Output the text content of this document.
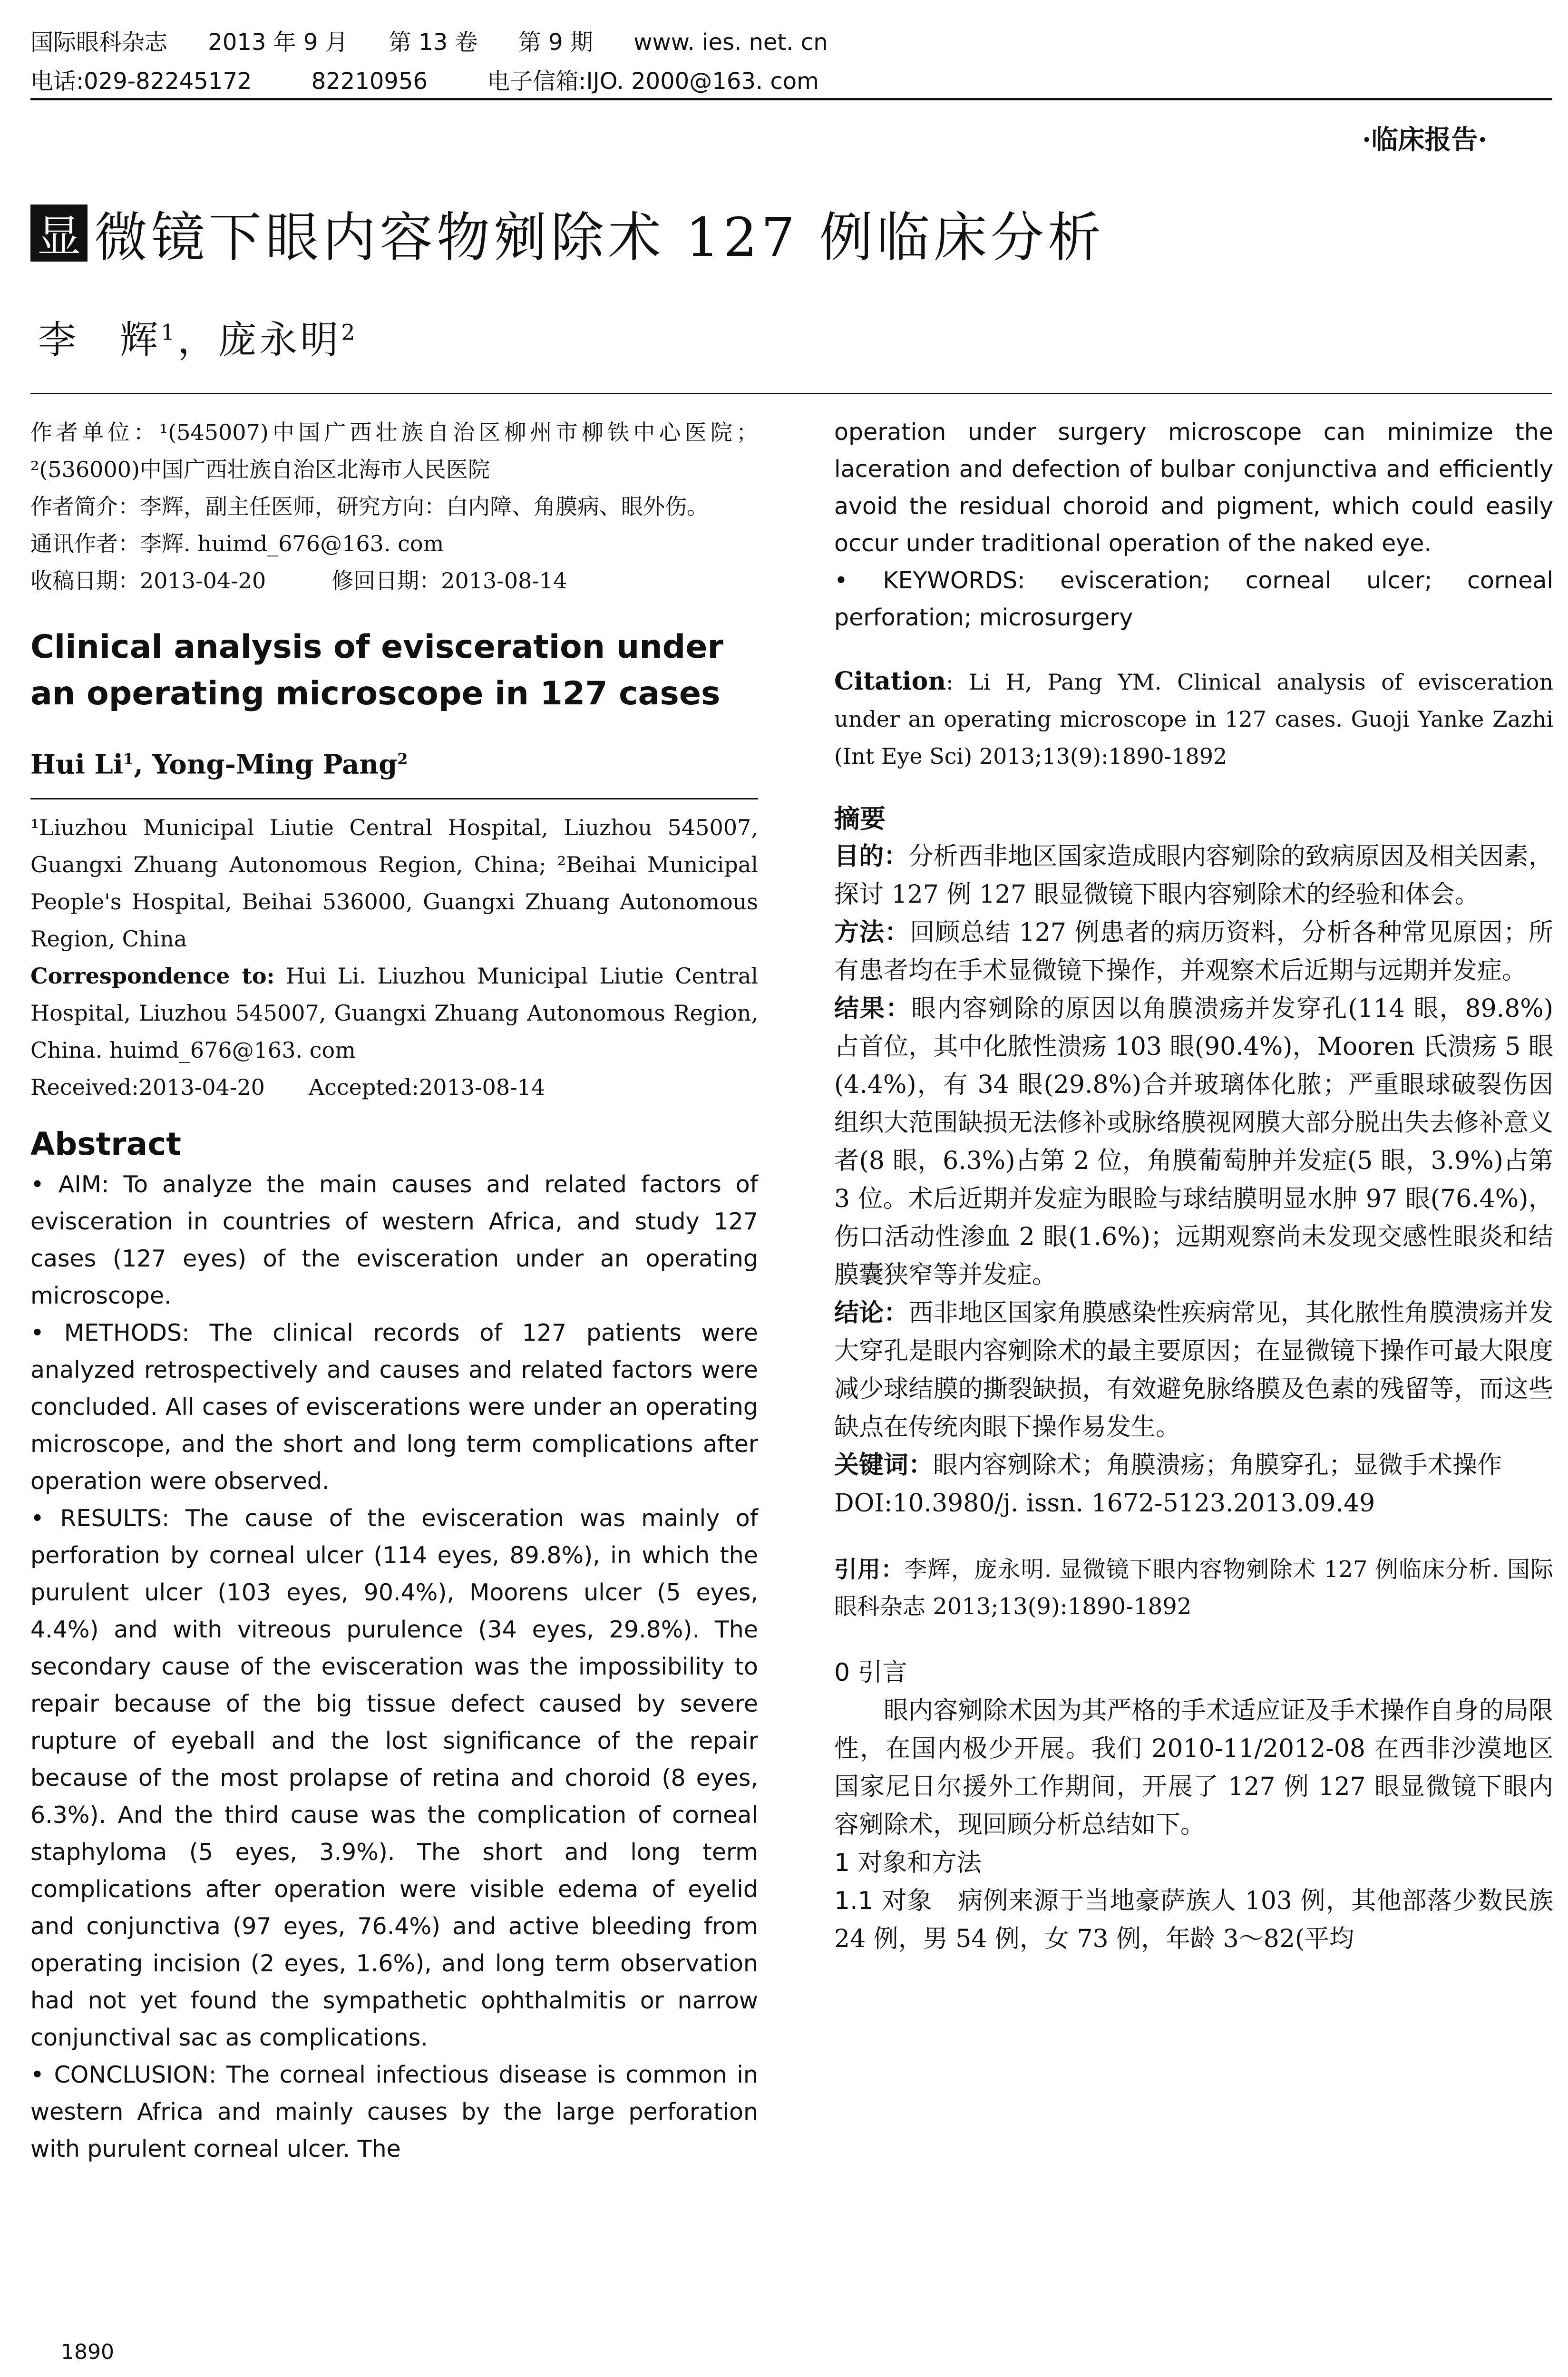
国际眼科杂志 2013 年 9 月 第 13 卷 第 9 期 www. ies. net. cn
电话:029-82245172	82210956	电子信箱:IJO. 2000@163. com
·临床报告·
显 微镜下眼内容物剜除术 127 例临床分析
李　辉$^1$，庞永明$^2$

作者单位：¹(545007)中国广西壮族自治区柳州市柳铁中心医院；²(536000)中国广西壮族自治区北海市人民医院

作者简介：李辉，副主任医师，研究方向：白内障、角膜病、眼外伤。

通讯作者：李辉. huimd_676@163. com

收稿日期：2013-04-20　　　修回日期：2013-08-14

Clinical analysis of evisceration under an operating microscope in 127 cases
Hui Li$^1$, Yong-Ming Pang$^2$

¹Liuzhou Municipal Liutie Central Hospital, Liuzhou 545007, Guangxi Zhuang Autonomous Region, China; ²Beihai Municipal People's Hospital, Beihai 536000, Guangxi Zhuang Autonomous Region, China

Correspondence to: Hui Li. Liuzhou Municipal Liutie Central Hospital, Liuzhou 545007, Guangxi Zhuang Autonomous Region, China. huimd_676@163. com

Received:2013-04-20　　Accepted:2013-08-14

Abstract

• AIM: To analyze the main causes and related factors of evisceration in countries of western Africa, and study 127 cases (127 eyes) of the evisceration under an operating microscope.

• METHODS: The clinical records of 127 patients were analyzed retrospectively and causes and related factors were concluded. All cases of eviscerations were under an operating microscope, and the short and long term complications after operation were observed.

• RESULTS: The cause of the evisceration was mainly of perforation by corneal ulcer (114 eyes, 89.8%), in which the purulent ulcer (103 eyes, 90.4%), Moorens ulcer (5 eyes, 4.4%) and with vitreous purulence (34 eyes, 29.8%). The secondary cause of the evisceration was the impossibility to repair because of the big tissue defect caused by severe rupture of eyeball and the lost significance of the repair because of the most prolapse of retina and choroid (8 eyes, 6.3%). And the third cause was the complication of corneal staphyloma (5 eyes, 3.9%). The short and long term complications after operation were visible edema of eyelid and conjunctiva (97 eyes, 76.4%) and active bleeding from operating incision (2 eyes, 1.6%), and long term observation had not yet found the sympathetic ophthalmitis or narrow conjunctival sac as complications.

• CONCLUSION: The corneal infectious disease is common in western Africa and mainly causes by the large perforation with purulent corneal ulcer. The

operation under surgery microscope can minimize the laceration and defection of bulbar conjunctiva and efficiently avoid the residual choroid and pigment, which could easily occur under traditional operation of the naked eye.

• KEYWORDS: evisceration; corneal ulcer; corneal perforation; microsurgery

Citation: Li H, Pang YM. Clinical analysis of evisceration under an operating microscope in 127 cases. Guoji Yanke Zazhi (Int Eye Sci) 2013;13(9):1890-1892

摘要

目的：分析西非地区国家造成眼内容剜除的致病原因及相关因素，探讨 127 例 127 眼显微镜下眼内容剜除术的经验和体会。

方法：回顾总结 127 例患者的病历资料，分析各种常见原因；所有患者均在手术显微镜下操作，并观察术后近期与远期并发症。

结果：眼内容剜除的原因以角膜溃疡并发穿孔(114 眼，89.8%)占首位，其中化脓性溃疡 103 眼(90.4%)，Mooren 氏溃疡 5 眼(4.4%)，有 34 眼(29.8%)合并玻璃体化脓；严重眼球破裂伤因组织大范围缺损无法修补或脉络膜视网膜大部分脱出失去修补意义者(8 眼，6.3%)占第 2 位，角膜葡萄肿并发症(5 眼，3.9%)占第 3 位。术后近期并发症为眼睑与球结膜明显水肿 97 眼(76.4%)，伤口活动性渗血 2 眼(1.6%)；远期观察尚未发现交感性眼炎和结膜囊狭窄等并发症。

结论：西非地区国家角膜感染性疾病常见，其化脓性角膜溃疡并发大穿孔是眼内容剜除术的最主要原因；在显微镜下操作可最大限度减少球结膜的撕裂缺损，有效避免脉络膜及色素的残留等，而这些缺点在传统肉眼下操作易发生。

关键词：眼内容剜除术；角膜溃疡；角膜穿孔；显微手术操作

DOI:10.3980/j. issn. 1672-5123.2013.09.49

引用：李辉，庞永明. 显微镜下眼内容物剜除术 127 例临床分析. 国际眼科杂志 2013;13(9):1890-1892

0 引言

眼内容剜除术因为其严格的手术适应证及手术操作自身的局限性，在国内极少开展。我们 2010-11/2012-08 在西非沙漠地区国家尼日尔援外工作期间，开展了 127 例 127 眼显微镜下眼内容剜除术，现回顾分析总结如下。

1 对象和方法

1.1 对象　病例来源于当地豪萨族人 103 例，其他部落少数民族 24 例，男 54 例，女 73 例，年龄 3～82(平均

1890
